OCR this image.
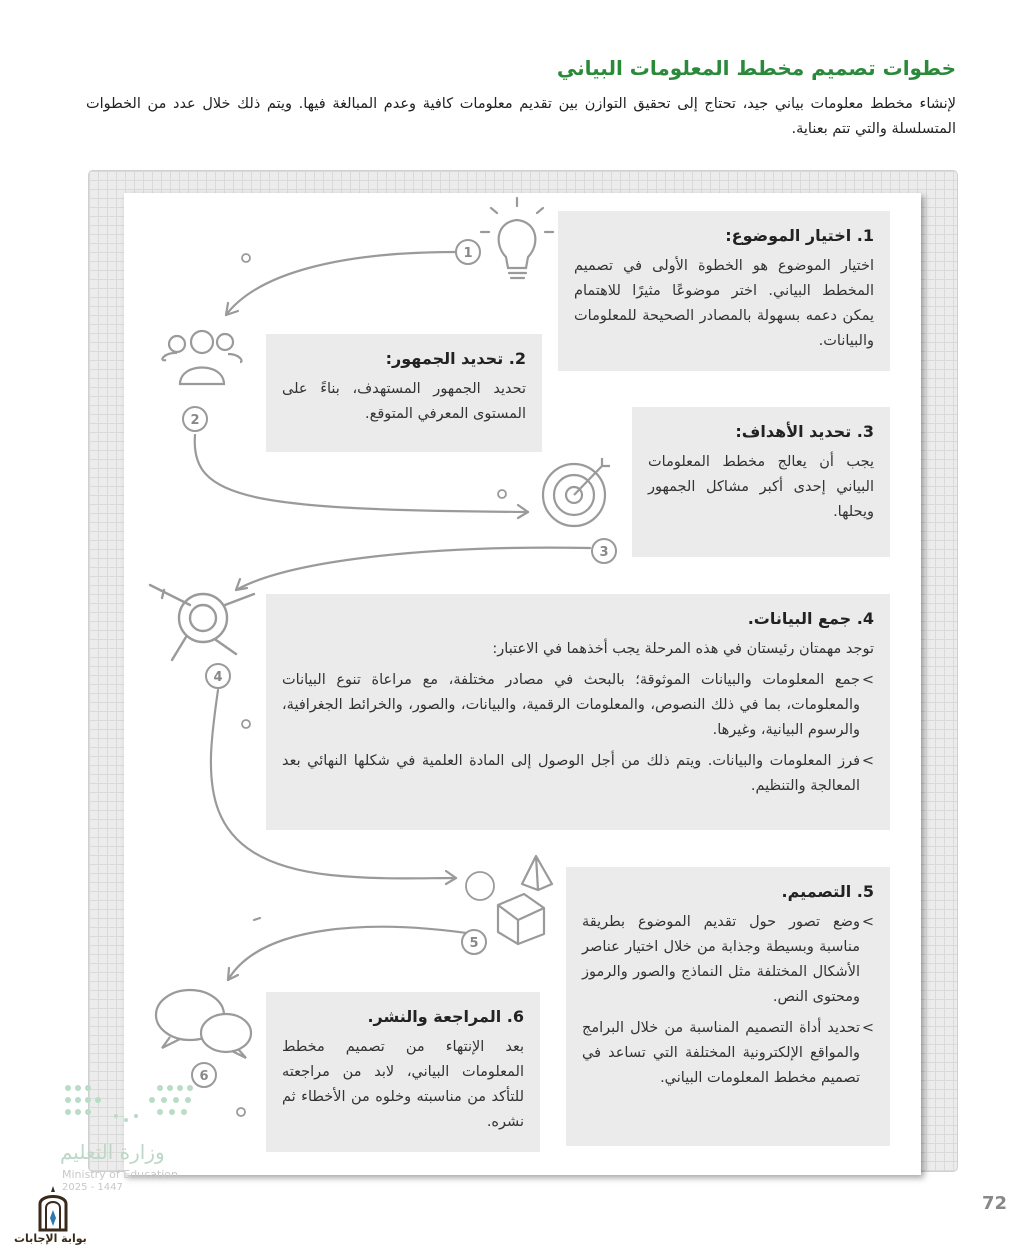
خطوات تصميم مخطط المعلومات البياني
لإنشاء مخطط معلومات بياني جيد، تحتاج إلى تحقيق التوازن بين تقديم معلومات كافية وعدم المبالغة فيها. ويتم ذلك خلال عدد من الخطوات المتسلسلة والتي تتم بعناية.
1
2
3
4
5
6
1. اختيار الموضوع:
اختيار الموضوع هو الخطوة الأولى في تصميم المخطط البياني. اختر موضوعًا مثيرًا للاهتمام يمكن دعمه بسهولة بالمصادر الصحيحة للمعلومات والبيانات.
2. تحديد الجمهور:
تحديد الجمهور المستهدف، بناءً على المستوى المعرفي المتوقع.
3. تحديد الأهداف:
يجب أن يعالج مخطط المعلومات البياني إحدى أكبر مشاكل الجمهور ويحلها.
4. جمع البيانات.
توجد مهمتان رئيستان في هذه المرحلة يجب أخذهما في الاعتبار:
> جمع المعلومات والبيانات الموثوقة؛ بالبحث في مصادر مختلفة، مع مراعاة تنوع البيانات والمعلومات، بما في ذلك النصوص، والمعلومات الرقمية، والبيانات، والصور، والخرائط الجغرافية، والرسوم البيانية، وغيرها.
> فرز المعلومات والبيانات. ويتم ذلك من أجل الوصول إلى المادة العلمية في شكلها النهائي بعد المعالجة والتنظيم.
5. التصميم.
> وضع تصور حول تقديم الموضوع بطريقة مناسبة وبسيطة وجذابة من خلال اختيار عناصر الأشكال المختلفة مثل النماذج والصور والرموز ومحتوى النص.
> تحديد أداة التصميم المناسبة من خلال البرامج والمواقع الإلكترونية المختلفة التي تساعد في تصميم مخطط المعلومات البياني.
6. المراجعة والنشر.
بعد الإنتهاء من تصميم مخطط المعلومات البياني، لابد من مراجعته للتأكد من مناسبته وخلوه من الأخطاء ثم نشره.
وزارة التعليم
Ministry of Education
2025 - 1447
بوابة الإجابات
72
